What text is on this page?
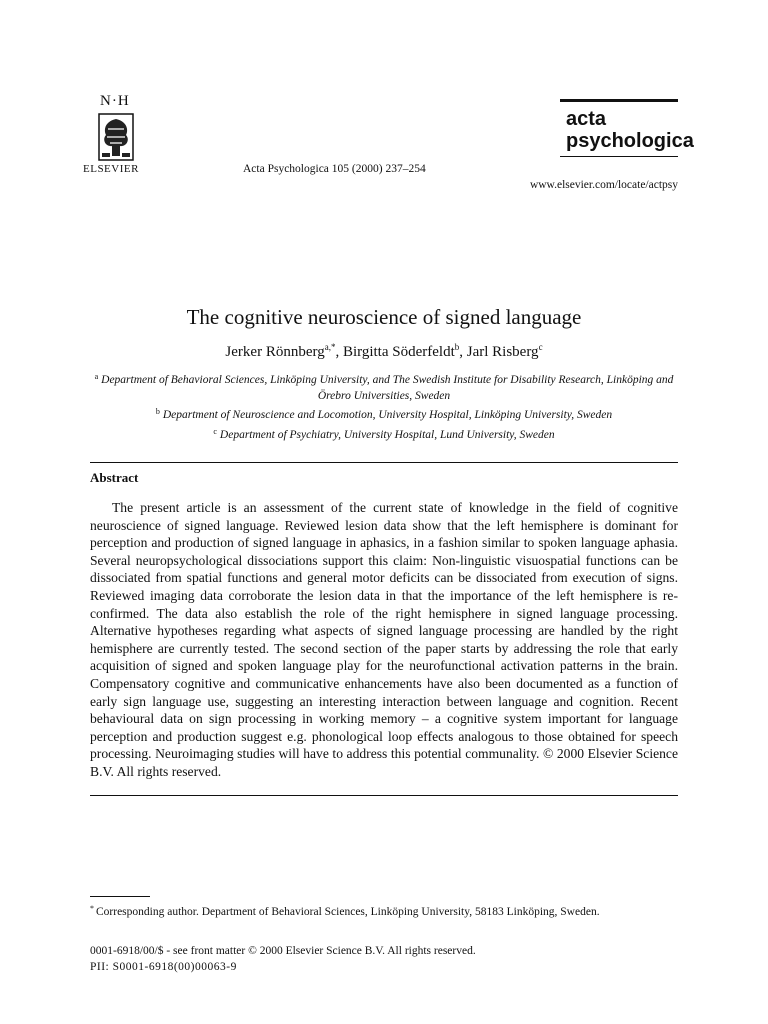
N·H
ELSEVIER	Acta Psychologica 105 (2000) 237–254
acta
psychologica
www.elsevier.com/locate/actpsy
The cognitive neuroscience of signed language
Jerker Rönnberg$^{a,*}$, Birgitta Söderfeldt$^b$, Jarl Risberg$^c$
$^a$ Department of Behavioral Sciences, Linköping University, and The Swedish Institute for Disability Research, Linköping and Örebro Universities, Sweden
$^b$ Department of Neuroscience and Locomotion, University Hospital, Linköping University, Sweden
$^c$ Department of Psychiatry, University Hospital, Lund University, Sweden
Abstract
The present article is an assessment of the current state of knowledge in the field of cognitive neuroscience of signed language. Reviewed lesion data show that the left hemisphere is dominant for perception and production of signed language in aphasics, in a fashion similar to spoken language aphasia. Several neuropsychological dissociations support this claim: Non-linguistic visuospatial functions can be dissociated from spatial functions and general motor deficits can be dissociated from execution of signs. Reviewed imaging data corroborate the lesion data in that the importance of the left hemisphere is re-confirmed. The data also establish the role of the right hemisphere in signed language processing. Alternative hypotheses regarding what aspects of signed language processing are handled by the right hemisphere are currently tested. The second section of the paper starts by addressing the role that early acquisition of signed and spoken language play for the neurofunctional activation patterns in the brain. Compensatory cognitive and communicative enhancements have also been documented as a function of early sign language use, suggesting an interesting interaction between language and cognition. Recent behavioural data on sign processing in working memory – a cognitive system important for language perception and production suggest e.g. phonological loop effects analogous to those obtained for speech processing. Neuroimaging studies will have to address this potential communality. © 2000 Elsevier Science B.V. All rights reserved.
* Corresponding author. Department of Behavioral Sciences, Linköping University, 58183 Linköping, Sweden.
0001-6918/00/$ - see front matter © 2000 Elsevier Science B.V. All rights reserved.
PII: S0001-6918(00)00063-9
